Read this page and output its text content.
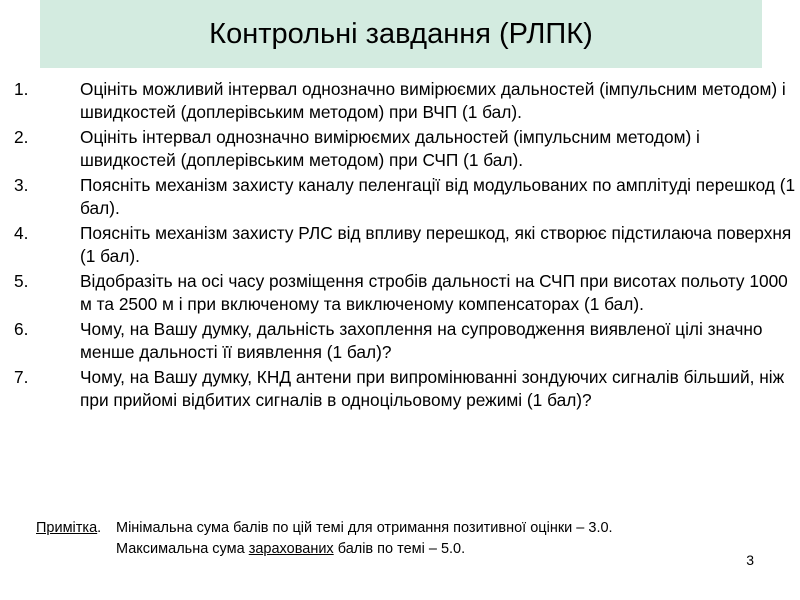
Контрольні завдання (РЛПК)
1.	Оцініть можливий інтервал однозначно вимірюємих дальностей (імпульсним методом) і швидкостей (доплерівським методом) при ВЧП (1 бал).
2.	Оцініть інтервал однозначно вимірюємих дальностей (імпульсним методом) і швидкостей (доплерівським методом) при СЧП (1 бал).
3.	Поясніть механізм захисту каналу пеленгації від модульованих по амплітуді перешкод (1 бал).
4.	Поясніть механізм захисту РЛС від впливу перешкод, які створює підстилаюча поверхня (1 бал).
5.	Відобразіть на осі часу розміщення стробів дальності на СЧП при висотах польоту 1000 м та 2500 м і при включеному та виключеному компенсаторах (1 бал).
6.	Чому, на Вашу думку, дальність захоплення на супроводження виявленої цілі значно менше дальності її виявлення (1 бал)?
7.	Чому, на Вашу думку, КНД антени при випромінюванні зондуючих сигналів більший, ніж при прийомі відбитих сигналів в одноцільовому режимі (1 бал)?
Примітка.	Мінімальна сума балів по цій темі для отримання позитивної оцінки – 3.0.
Максимальна сума зарахованих балів по темі – 5.0.
3
